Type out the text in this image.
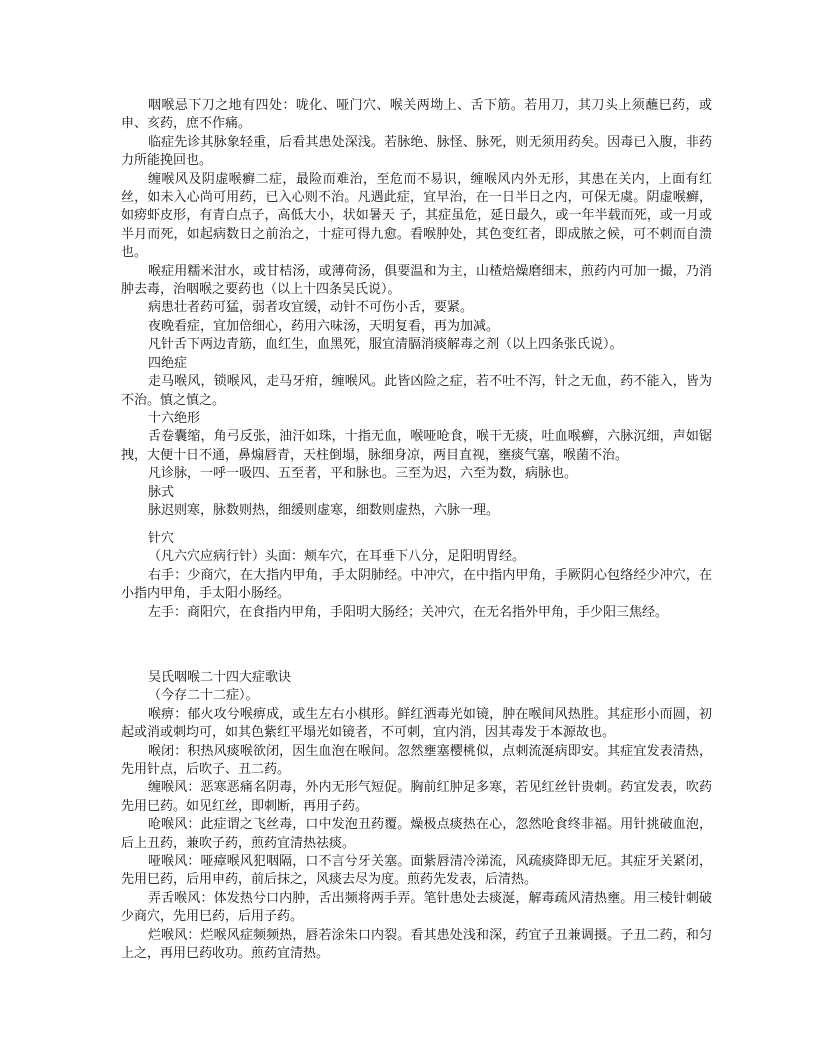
咽喉忌下刀之地有四处：咙化、哑门穴、喉关两坳上、舌下筋。若用刀，其刀头上须蘸巳药，或申、亥药，庶不作痛。

临症先诊其脉象轻重，后看其患处深浅。若脉绝、脉怪、脉死，则无须用药矣。因毒已入腹，非药力所能挽回也。

缠喉风及阴虚喉癣二症，最险而难治，至危而不易识，缠喉风内外无形，其患在关内，上面有红丝，如未入心尚可用药，已入心则不治。凡遇此症，宜早治，在一日半日之内，可保无虞。阴虚喉癣，如痨虾皮形，有青白点子，高低大小，状如暑天 子，其症虽危，延日最久，或一年半载而死，或一月或半月而死，如起病数日之前治之，十症可得九愈。看喉肿处，其色变红者，即成脓之候，可不刺而自溃也。

喉症用糯米泔水，或甘桔汤，或薄荷汤，俱要温和为主，山楂焙燥磨细末，煎药内可加一撮，乃消肿去毒，治咽喉之要药也（以上十四条吴氏说）。

病患壮者药可猛，弱者攻宜缓，动针不可伤小舌，要紧。

夜晚看症，宜加倍细心，药用六味汤，天明复看，再为加减。

凡针舌下两边青筋，血红生，血黑死，服宜清膈消痰解毒之剂（以上四条张氏说）。

四绝症

走马喉风，锁喉风，走马牙疳，缠喉风。此皆凶险之症，若不吐不泻，针之无血，药不能入，皆为不治。慎之慎之。

十六绝形

舌卷囊缩，角弓反张，油汗如珠，十指无血，喉哑呛食，喉干无痰，吐血喉癣，六脉沉细，声如锯拽，大便十日不通，鼻煽唇青，天柱倒塌，脉细身凉，两目直视，壅痰气塞，喉菌不治。

凡诊脉，一呼一吸四、五至者，平和脉也。三至为迟，六至为数，病脉也。

脉式

脉迟则寒，脉数则热，细缓则虚寒，细数则虚热，六脉一理。

针穴

（凡六穴应病行针）头面：颊车穴，在耳垂下八分，足阳明胃经。

右手：少商穴，在大指内甲角，手太阴肺经。中冲穴，在中指内甲角，手厥阴心包络经少冲穴，在小指内甲角，手太阳小肠经。

左手：商阳穴，在食指内甲角，手阳明大肠经；关冲穴，在无名指外甲角，手少阳三焦经。

吴氏咽喉二十四大症歌诀

（今存二十二症）。

喉痹：郁火攻兮喉痹成，或生左右小棋形。鲜红洒毒光如镜，肿在喉间风热胜。其症形小而圆，初起或消或刺均可，如其色紫红平塌光如镜者，不可刺，宜内消，因其毒发于本源故也。

喉闭：积热风痰喉欲闭，因生血泡在喉间。忽然壅塞樱桃似，点刺流涎病即安。其症宜发表清热，先用针点，后吹子、丑二药。

缠喉风：恶寒恶痛名阴毒，外内无形气短促。胸前红肿足多寒，若见红丝针贵刺。药宜发表，吹药先用巳药。如见红丝，即刺断，再用子药。

呛喉风：此症谓之飞丝毒，口中发泡丑药覆。燥极点痰热在心，忽然呛食终非福。用针挑破血泡，后上丑药，兼吹子药，煎药宜清热祛痰。

哑喉风：哑瘴喉风犯咽隔，口不言兮牙关塞。面紫唇清冷涕流，风疏痰降即无厄。其症牙关紧闭，先用巳药，后用申药，前后抹之，风痰去尽为度。煎药先发表，后清热。

弄舌喉风：体发热兮口内肿，舌出频将两手弄。笔针患处去痰涎，解毒疏风清热壅。用三棱针刺破少商穴，先用巳药，后用子药。

烂喉风：烂喉风症频频热，唇若涂朱口内裂。看其患处浅和深，药宜子丑兼调摄。子丑二药，和匀上之，再用巳药收功。煎药宜清热。
